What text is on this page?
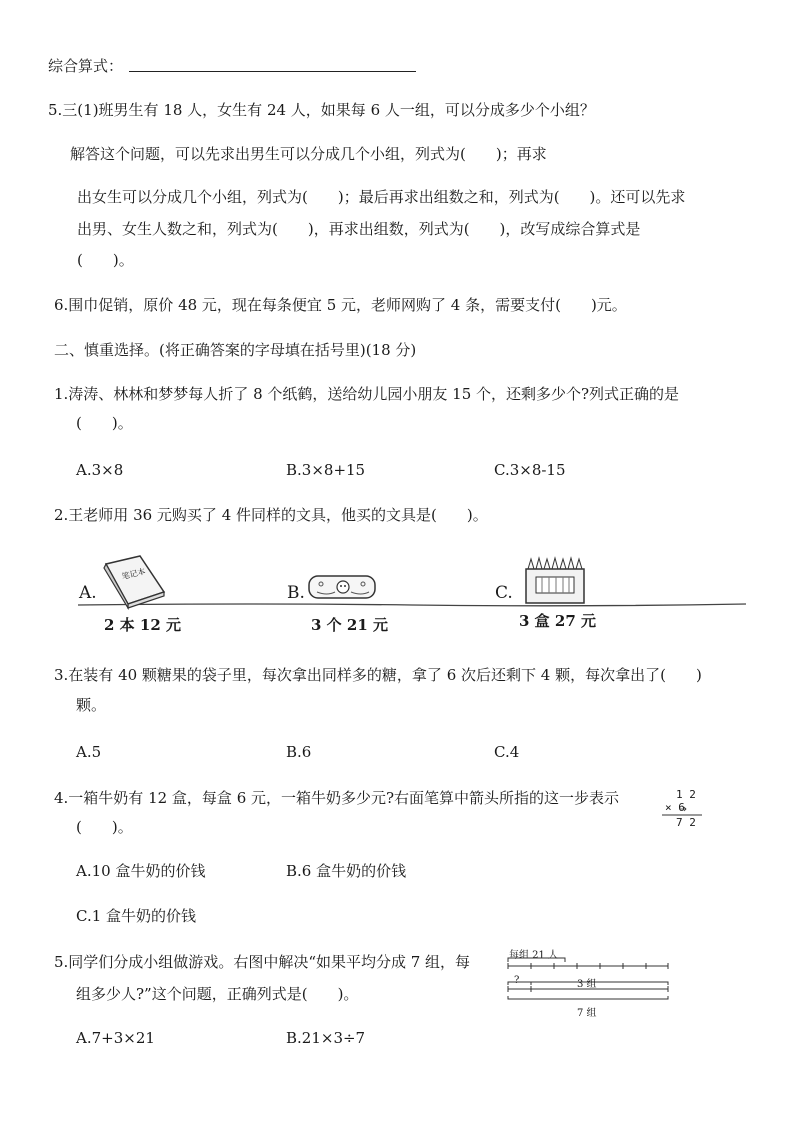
综合算式：
5.三(1)班男生有 18 人，女生有 24 人，如果每 6 人一组，可以分成多少个小组？
解答这个问题，可以先求出男生可以分成几个小组，列式为(　　)；再求
出女生可以分成几个小组，列式为(　　)；最后再求出组数之和，列式为(　　)。还可以先求
出男、女生人数之和，列式为(　　)，再求出组数，列式为(　　)，改写成综合算式是
(　　)。
6.围巾促销，原价 48 元，现在每条便宜 5 元，老师网购了 4 条，需要支付(　　)元。
二、慎重选择。(将正确答案的字母填在括号里)(18 分)
1.涛涛、林林和梦梦每人折了 8 个纸鹤，送给幼儿园小朋友 15 个，还剩多少个?列式正确的是
(　　)。
A.3×8	B.3×8+15	C.3×8-15
2.王老师用 36 元购买了 4 件同样的文具，他买的文具是(　　)。
A.
笔记本
2 本 12 元
B.
3 个 21 元
C.
3 盒 27 元
3.在装有 40 颗糖果的袋子里，每次拿出同样多的糖，拿了 6 次后还剩下 4 颗，每次拿出了(　　)
颗。
A.5	B.6	C.4
4.一箱牛奶有 12 盒，每盒 6 元，一箱牛奶多少元?右面笔算中箭头所指的这一步表示
(　　)。
1 2
× 6
7 2
A.10 盒牛奶的价钱	B.6 盒牛奶的价钱
C.1 盒牛奶的价钱
5.同学们分成小组做游戏。右图中解决“如果平均分成 7 组，每
组多少人?”这个问题，正确列式是(　　)。
每组 21 人
?	3 组
7 组
A.7+3×21	B.21×3÷7
